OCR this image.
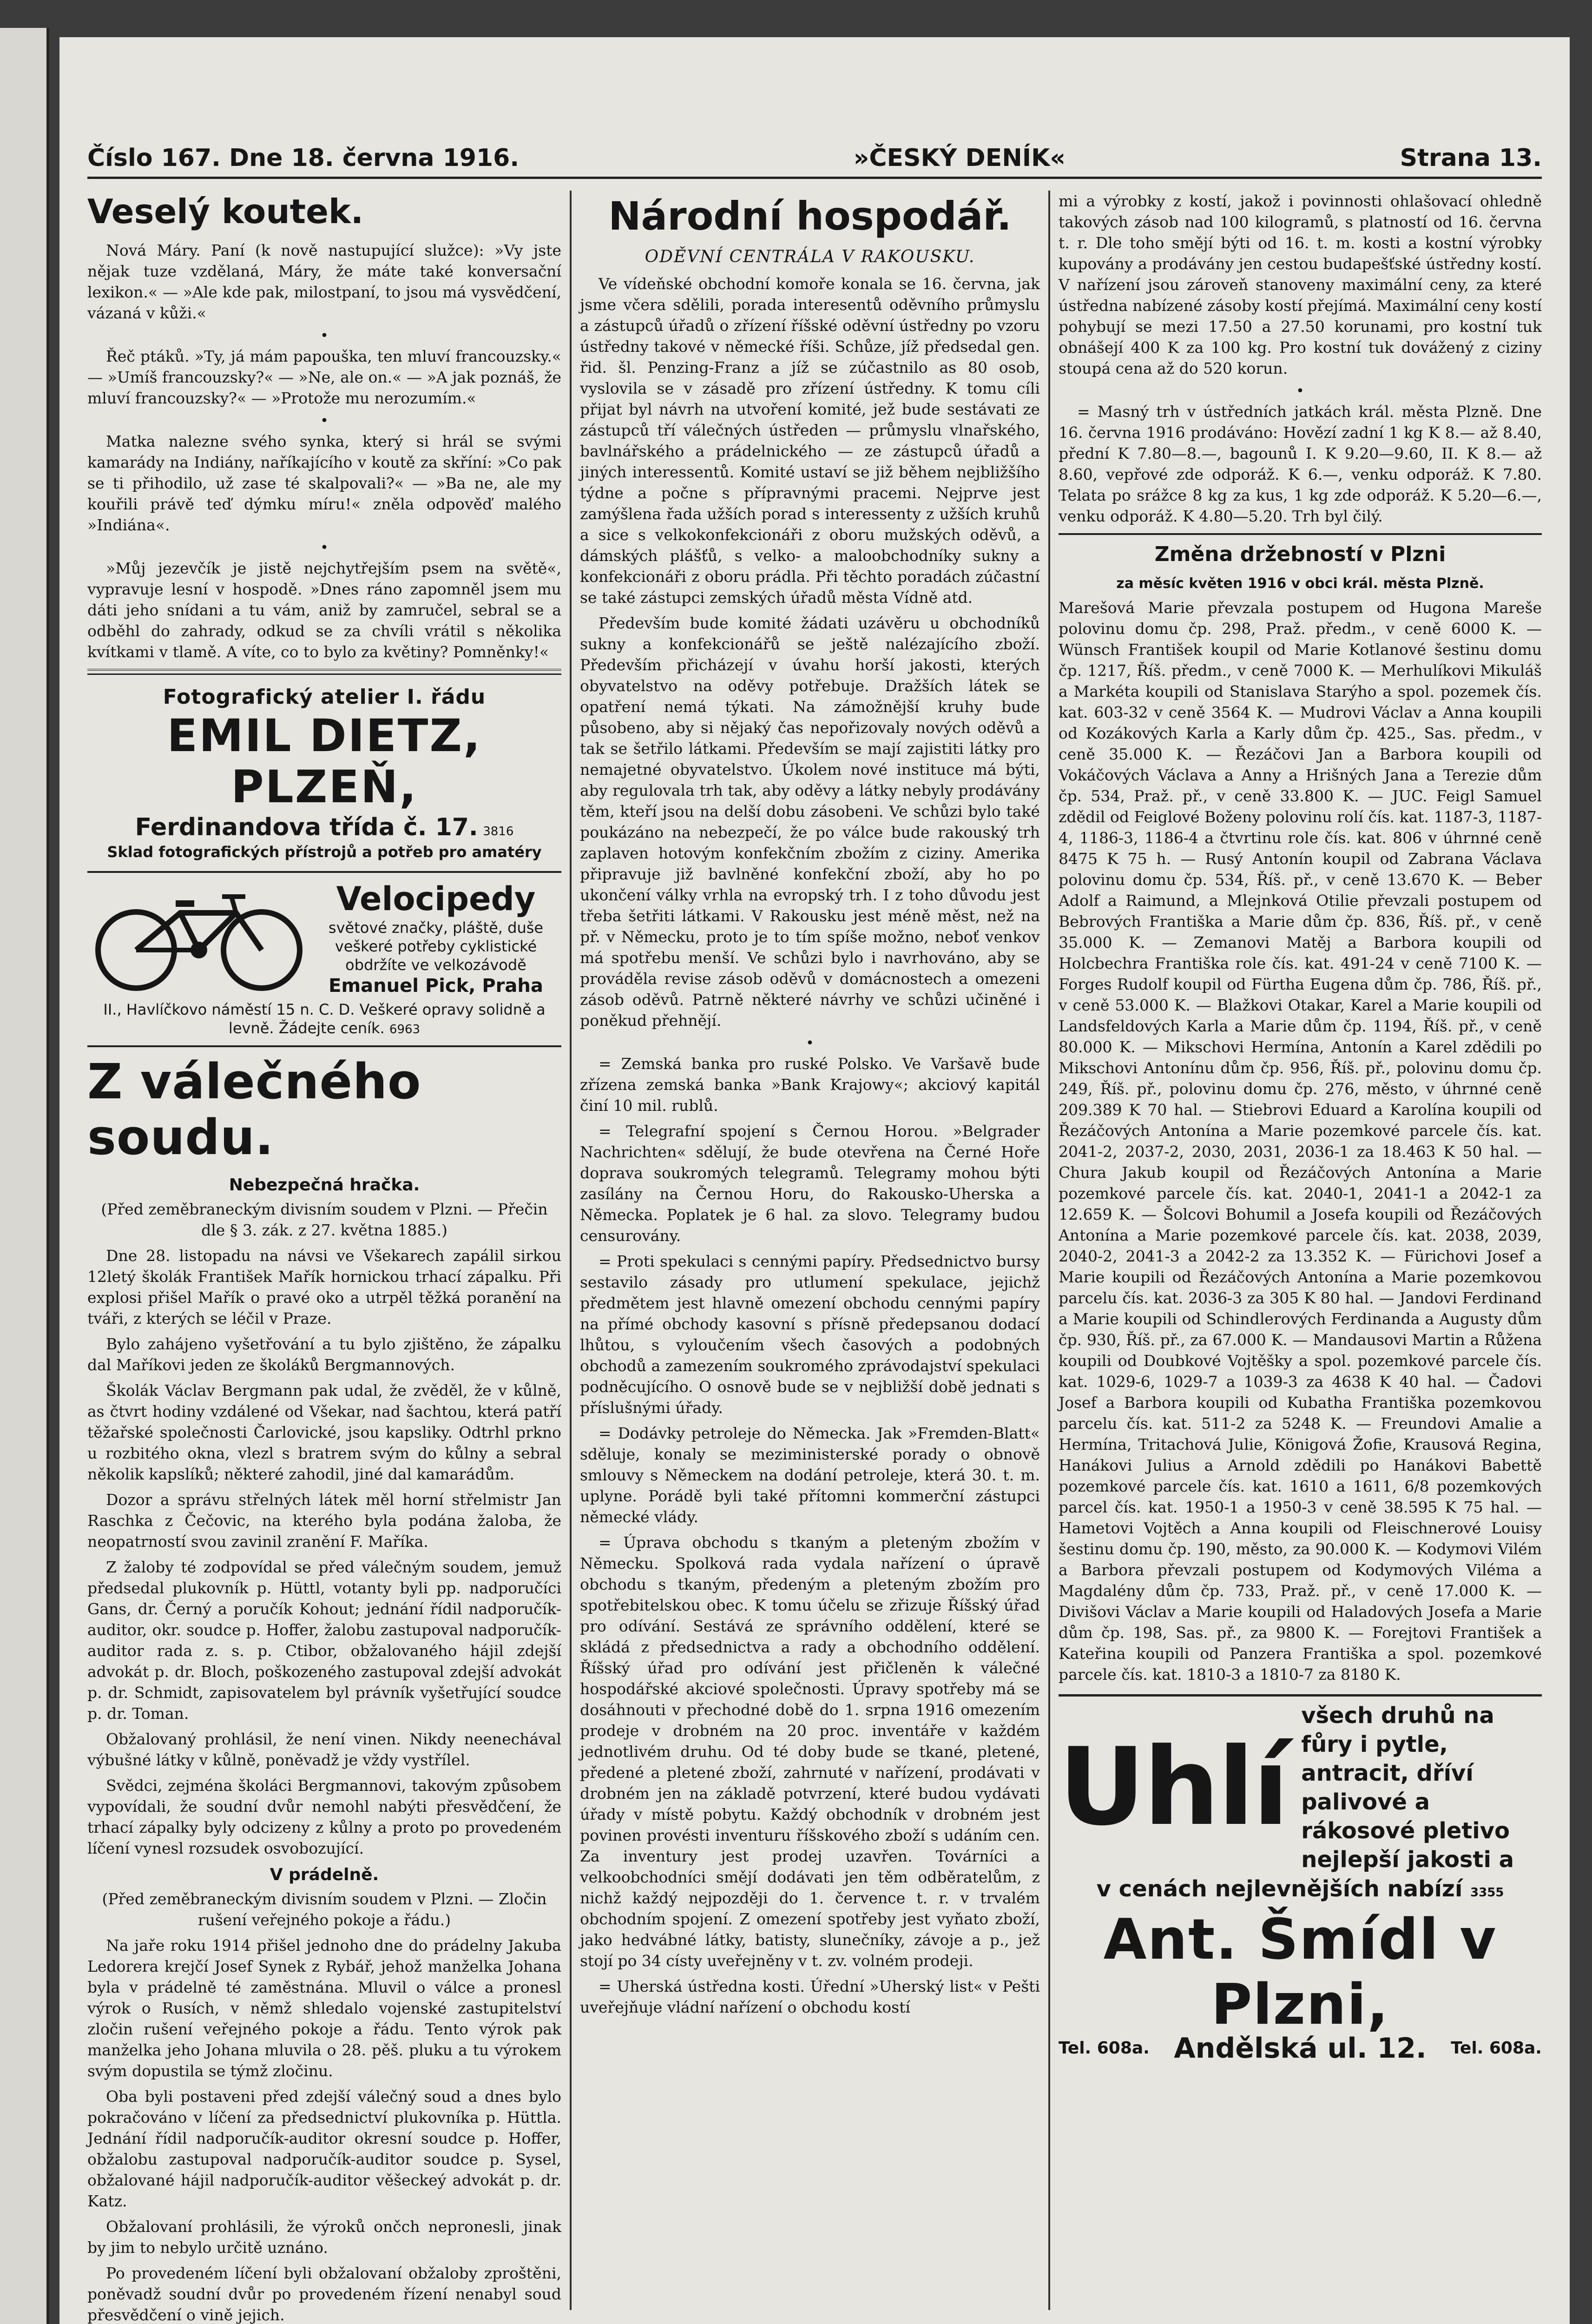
Číslo 167. Dne 18. června 1916.	»ČESKÝ DENÍK«	Strana 13.
Veselý koutek.

Nová Máry. Paní (k nově nastupující služce): »Vy jste nějak tuze vzdělaná, Máry, že máte také konversační lexikon.« — »Ale kde pak, milostpaní, to jsou má vysvědčení, vázaná v kůži.«

•

Řeč ptáků. »Ty, já mám papouška, ten mluví francouzsky.« — »Umíš francouzsky?« — »Ne, ale on.« — »A jak poznáš, že mluví francouzsky?« — »Protože mu nerozumím.«

•

Matka nalezne svého synka, který si hrál se svými kamarády na Indiány, naříkajícího v koutě za skříní: »Co pak se ti přihodilo, už zase té skalpovali?« — »Ba ne, ale my kouřili právě teď dýmku míru!« zněla odpověď malého »Indiána«.

•

»Můj jezevčík je jistě nejchytřejším psem na světě«, vypravuje lesní v hospodě. »Dnes ráno zapomněl jsem mu dáti jeho snídani a tu vám, aniž by zamručel, sebral se a odběhl do zahrady, odkud se za chvíli vrátil s několika kvítkami v tlamě. A víte, co to bylo za květiny? Pomněnky!«

Fotografický atelier I. řádu
EMIL DIETZ, PLZEŇ,
Ferdinandova třída č. 17. 3816
Sklad fotografických přístrojů a potřeb pro amatéry
Velocipedy
světové značky, pláště, duše veškeré potřeby cyklistické obdržíte ve velkozávodě
Emanuel Pick, Praha
II., Havlíčkovo náměstí 15 n. C. D. Veškeré opravy solidně a levně. Žádejte ceník. 6963
Z válečného soudu.
Nebezpečná hračka.

(Před zeměbraneckým divisním soudem v Plzni. — Přečin dle § 3. zák. z 27. května 1885.)

Dne 28. listopadu na návsi ve Všekarech zapálil sirkou 12letý školák František Mařík hornickou trhací zápalku. Při explosi přišel Mařík o pravé oko a utrpěl těžká poranění na tváři, z kterých se léčil v Praze.

Bylo zahájeno vyšetřování a tu bylo zjištěno, že zápalku dal Maříkovi jeden ze školáků Bergmannových.

Školák Václav Bergmann pak udal, že zvěděl, že v kůlně, as čtvrt hodiny vzdálené od Všekar, nad šachtou, která patří těžařské společnosti Čarlovické, jsou kapsliky. Odtrhl prkno u rozbitého okna, vlezl s bratrem svým do kůlny a sebral několik kapslíků; některé zahodil, jiné dal kamarádům.

Dozor a správu střelných látek měl horní střelmistr Jan Raschka z Čečovic, na kterého byla podána žaloba, že neopatrností svou zavinil zranění F. Maříka.

Z žaloby té zodpovídal se před válečným soudem, jemuž předsedal plukovník p. Hüttl, votanty byli pp. nadporučíci Gans, dr. Černý a poručík Kohout; jednání řídil nadporučík-auditor, okr. soudce p. Hoffer, žalobu zastupoval nadporučík-auditor rada z. s. p. Ctibor, obžalovaného hájil zdejší advokát p. dr. Bloch, poškozeného zastupoval zdejší advokát p. dr. Schmidt, zapisovatelem byl právník vyšetřující soudce p. dr. Toman.

Obžalovaný prohlásil, že není vinen. Nikdy neenechával výbušné látky v kůlně, poněvadž je vždy vystřílel.

Svědci, zejména školáci Bergmannovi, takovým způsobem vypovídali, že soudní dvůr nemohl nabýti přesvědčení, že trhací zápalky byly odcizeny z kůlny a proto po provedeném líčení vynesl rozsudek osvobozující.

V prádelně.

(Před zeměbraneckým divisním soudem v Plzni. — Zločin rušení veřejného pokoje a řádu.)

Na jaře roku 1914 přišel jednoho dne do prádelny Jakuba Ledorera krejčí Josef Synek z Rybář, jehož manželka Johana byla v prádelně té zaměstnána. Mluvil o válce a pronesl výrok o Rusích, v němž shledalo vojenské zastupitelství zločin rušení veřejného pokoje a řádu. Tento výrok pak manželka jeho Johana mluvila o 28. pěš. pluku a tu výrokem svým dopustila se týmž zločinu.

Oba byli postaveni před zdejší válečný soud a dnes bylo pokračováno v líčení za předsednictví plukovníka p. Hüttla. Jednání řídil nadporučík-auditor okresní soudce p. Hoffer, obžalobu zastupoval nadporučík-auditor soudce p. Sysel, obžalované hájil nadporučík-auditor věšeckeý advokát p. dr. Katz.

Obžalovaní prohlásili, že výroků ončch nepronesli, jinak by jim to nebylo určitě uznáno.

Po provedeném líčení byli obžalovaní obžaloby zproštěni, poněvadž soudní dvůr po provedeném řízení nenabyl soud přesvědčení o vině jejich.

Národní hospodář.
ODĚVNÍ CENTRÁLA V RAKOUSKU.

Ve vídeňské obchodní komoře konala se 16. června, jak jsme včera sdělili, porada interesentů oděvního průmyslu a zástupců úřadů o zřízení říšské oděvní ústředny po vzoru ústředny takové v německé říši. Schůze, jíž předsedal gen. řid. šl. Penzing-Franz a jíž se zúčastnilo as 80 osob, vyslovila se v zásadě pro zřízení ústředny. K tomu cíli přijat byl návrh na utvoření komité, jež bude sestávati ze zástupců tří válečných ústředen — průmyslu vlnařského, bavlnářského a prádelnického — ze zástupců úřadů a jiných interessentů. Komité ustaví se již během nejbližšího týdne a počne s přípravnými pracemi. Nejprve jest zamýšlena řada užších porad s interessenty z užších kruhů a sice s velkokonfekcionáři z oboru mužských oděvů, a dámských plášťů, s velko- a maloobchodníky sukny a konfekcionáři z oboru prádla. Při těchto poradách zúčastní se také zástupci zemských úřadů města Vídně atd.

Především bude komité žádati uzávěru u obchodníků sukny a konfekcionářů se ještě nalézajícího zboží. Především přicházejí v úvahu horší jakosti, kterých obyvatelstvo na oděvy potřebuje. Dražších látek se opatření nemá týkati. Na zámožnější kruhy bude působeno, aby si nějaký čas nepořizovaly nových oděvů a tak se šetřilo látkami. Především se mají zajistiti látky pro nemajetné obyvatelstvo. Úkolem nové instituce má býti, aby regulovala trh tak, aby oděvy a látky nebyly prodávány těm, kteří jsou na delší dobu zásobeni. Ve schůzi bylo také poukázáno na nebezpečí, že po válce bude rakouský trh zaplaven hotovým konfekčním zbožím z ciziny. Amerika připravuje již bavlněné konfekční zboží, aby ho po ukončení války vrhla na evropský trh. I z toho důvodu jest třeba šetřiti látkami. V Rakousku jest méně měst, než na př. v Německu, proto je to tím spíše možno, neboť venkov má spotřebu menší. Ve schůzi bylo i navrhováno, aby se prováděla revise zásob oděvů v domácnostech a omezeni zásob oděvů. Patrně některé návrhy ve schůzi učiněné i poněkud přehnějí.

•

= Zemská banka pro ruské Polsko. Ve Varšavě bude zřízena zemská banka »Bank Krajowy«; akciový kapitál činí 10 mil. rublů.

= Telegrafní spojení s Černou Horou. »Belgrader Nachrichten« sdělují, že bude otevřena na Černé Hoře doprava soukromých telegramů. Telegramy mohou býti zasílány na Černou Horu, do Rakousko-Uherska a Německa. Poplatek je 6 hal. za slovo. Telegramy budou censurovány.

= Proti spekulaci s cennými papíry. Předsednictvo bursy sestavilo zásady pro utlumení spekulace, jejichž předmětem jest hlavně omezení obchodu cennými papíry na přímé obchody kasovní s přísně předepsanou dodací lhůtou, s vyloučením všech časových a podobných obchodů a zamezením soukromého zprávodajství spekulaci podněcujícího. O osnově bude se v nejbližší době jednati s příslušnými úřady.

= Dodávky petroleje do Německa. Jak »Fremden-Blatt« sděluje, konaly se meziministerské porady o obnově smlouvy s Německem na dodání petroleje, která 30. t. m. uplyne. Porádě byli také přítomni kommerční zástupci německé vlády.

= Úprava obchodu s tkaným a pleteným zbožím v Německu. Spolková rada vydala nařízení o úpravě obchodu s tkaným, předeným a pleteným zbožím pro spotřebitelskou obec. K tomu účelu se zřizuje Říšský úřad pro odívání. Sestává ze správního oddělení, které se skládá z předsednictva a rady a obchodního oddělení. Říšský úřad pro odívání jest přičleněn k válečné hospodářské akciové společnosti. Úpravy spotřeby má se dosáhnouti v přechodné době do 1. srpna 1916 omezením prodeje v drobném na 20 proc. inventáře v každém jednotlivém druhu. Od té doby bude se tkané, pletené, předené a pletené zboží, zahrnuté v nařízení, prodávati v drobném jen na základě potvrzení, které budou vydávati úřady v místě pobytu. Každý obchodník v drobném jest povinen provésti inventuru říšskového zboží s udáním cen. Za inventury jest prodej uzavřen. Továrníci a velkoobchodníci smějí dodávati jen těm odběratelům, z nichž každý nejpozději do 1. července t. r. v trvalém obchodním spojení. Z omezení spotřeby jest vyňato zboží, jako hedvábné látky, batisty, slunečníky, závoje a p., jež stojí po 34 císty uveřejněny v t. zv. volném prodeji.

= Uherská ústředna kosti. Úřední »Uherský list« v Pešti uveřejňuje vládní nařízení o obchodu kostí

mi a výrobky z kostí, jakož i povinnosti ohlašovací ohledně takových zásob nad 100 kilogramů, s platností od 16. června t. r. Dle toho smějí býti od 16. t. m. kosti a kostní výrobky kupovány a prodávány jen cestou budapešťské ústředny kostí. V nařízení jsou zároveň stanoveny maximální ceny, za které ústředna nabízené zásoby kostí přejímá. Maximální ceny kostí pohybují se mezi 17.50 a 27.50 korunami, pro kostní tuk obnášejí 400 K za 100 kg. Pro kostní tuk dovážený z ciziny stoupá cena až do 520 korun.

•

= Masný trh v ústředních jatkách král. města Plzně. Dne 16. června 1916 prodáváno: Hovězí zadní 1 kg K 8.— až 8.40, přední K 7.80—8.—, bagounů I. K 9.20—9.60, II. K 8.— až 8.60, vepřové zde odporáž. K 6.—, venku odporáž. K 7.80. Telata po srážce 8 kg za kus, 1 kg zde odporáž. K 5.20—6.—, venku odporáž. K 4.80—5.20. Trh byl čilý.

Změna držebností v Plzni
za měsíc květen 1916 v obci král. města Plzně.

Marešová Marie převzala postupem od Hugona Mareše polovinu domu čp. 298, Praž. předm., v ceně 6000 K. — Wünsch František koupil od Marie Kotlanové šestinu domu čp. 1217, Říš. předm., v ceně 7000 K. — Merhulíkovi Mikuláš a Markéta koupili od Stanislava Starýho a spol. pozemek čís. kat. 603-32 v ceně 3564 K. — Mudrovi Václav a Anna koupili od Kozákových Karla a Karly dům čp. 425., Sas. předm., v ceně 35.000 K. — Řezáčovi Jan a Barbora koupili od Vokáčových Václava a Anny a Hrišných Jana a Terezie dům čp. 534, Praž. př., v ceně 33.800 K. — JUC. Feigl Samuel zdědil od Feiglové Boženy polovinu rolí čís. kat. 1187-3, 1187-4, 1186-3, 1186-4 a čtvrtinu role čís. kat. 806 v úhrnné ceně 8475 K 75 h. — Rusý Antonín koupil od Zabrana Václava polovinu domu čp. 534, Říš. př., v ceně 13.670 K. — Beber Adolf a Raimund, a Mlejnková Otilie převzali postupem od Bebrových Františka a Marie dům čp. 836, Říš. př., v ceně 35.000 K. — Zemanovi Matěj a Barbora koupili od Holcbechra Františka role čís. kat. 491-24 v ceně 7100 K. — Forges Rudolf koupil od Fürtha Eugena dům čp. 786, Říš. př., v ceně 53.000 K. — Blažkovi Otakar, Karel a Marie koupili od Landsfeldových Karla a Marie dům čp. 1194, Říš. př., v ceně 80.000 K. — Mikschovi Hermína, Antonín a Karel zdědili po Mikschovi Antonínu dům čp. 956, Říš. př., polovinu domu čp. 249, Říš. př., polovinu domu čp. 276, město, v úhrnné ceně 209.389 K 70 hal. — Stiebrovi Eduard a Karolína koupili od Řezáčových Antonína a Marie pozemkové parcele čís. kat. 2041-2, 2037-2, 2030, 2031, 2036-1 za 18.463 K 50 hal. — Chura Jakub koupil od Řezáčových Antonína a Marie pozemkové parcele čís. kat. 2040-1, 2041-1 a 2042-1 za 12.659 K. — Šolcovi Bohumil a Josefa koupili od Řezáčových Antonína a Marie pozemkové parcele čís. kat. 2038, 2039, 2040-2, 2041-3 a 2042-2 za 13.352 K. — Fürichovi Josef a Marie koupili od Řezáčových Antonína a Marie pozemkovou parcelu čís. kat. 2036-3 za 305 K 80 hal. — Jandovi Ferdinand a Marie koupili od Schindlerových Ferdinanda a Augusty dům čp. 930, Říš. př., za 67.000 K. — Mandausovi Martin a Růžena koupili od Doubkové Vojtěšky a spol. pozemkové parcele čís. kat. 1029-6, 1029-7 a 1039-3 za 4638 K 40 hal. — Čadovi Josef a Barbora koupili od Kubatha Františka pozemkovou parcelu čís. kat. 511-2 za 5248 K. — Freundovi Amalie a Hermína, Tritachová Julie, Königová Žofie, Krausová Regina, Hanákovi Julius a Arnold zdědili po Hanákovi Babettě pozemkové parcele čís. kat. 1610 a 1611, 6/8 pozemkových parcel čís. kat. 1950-1 a 1950-3 v ceně 38.595 K 75 hal. — Hametovi Vojtěch a Anna koupili od Fleischnerové Louisy šestinu domu čp. 190, město, za 90.000 K. — Kodymovi Vilém a Barbora převzali postupem od Kodymových Viléma a Magdalény dům čp. 733, Praž. př., v ceně 17.000 K. — Divišovi Václav a Marie koupili od Haladových Josefa a Marie dům čp. 198, Sas. př., za 9800 K. — Forejtovi František a Kateřina koupili od Panzera Františka a spol. pozemkové parcele čís. kat. 1810-3 a 1810-7 za 8180 K.

Uhlí
všech druhů na fůry i pytle, antracit, dříví palivové a rákosové pletivo nejlepší jakosti a
v cenách nejlevnějších nabízí 3355
Ant. Šmídl v Plzni,
Tel. 608a. Andělská ul. 12. Tel. 608a.
